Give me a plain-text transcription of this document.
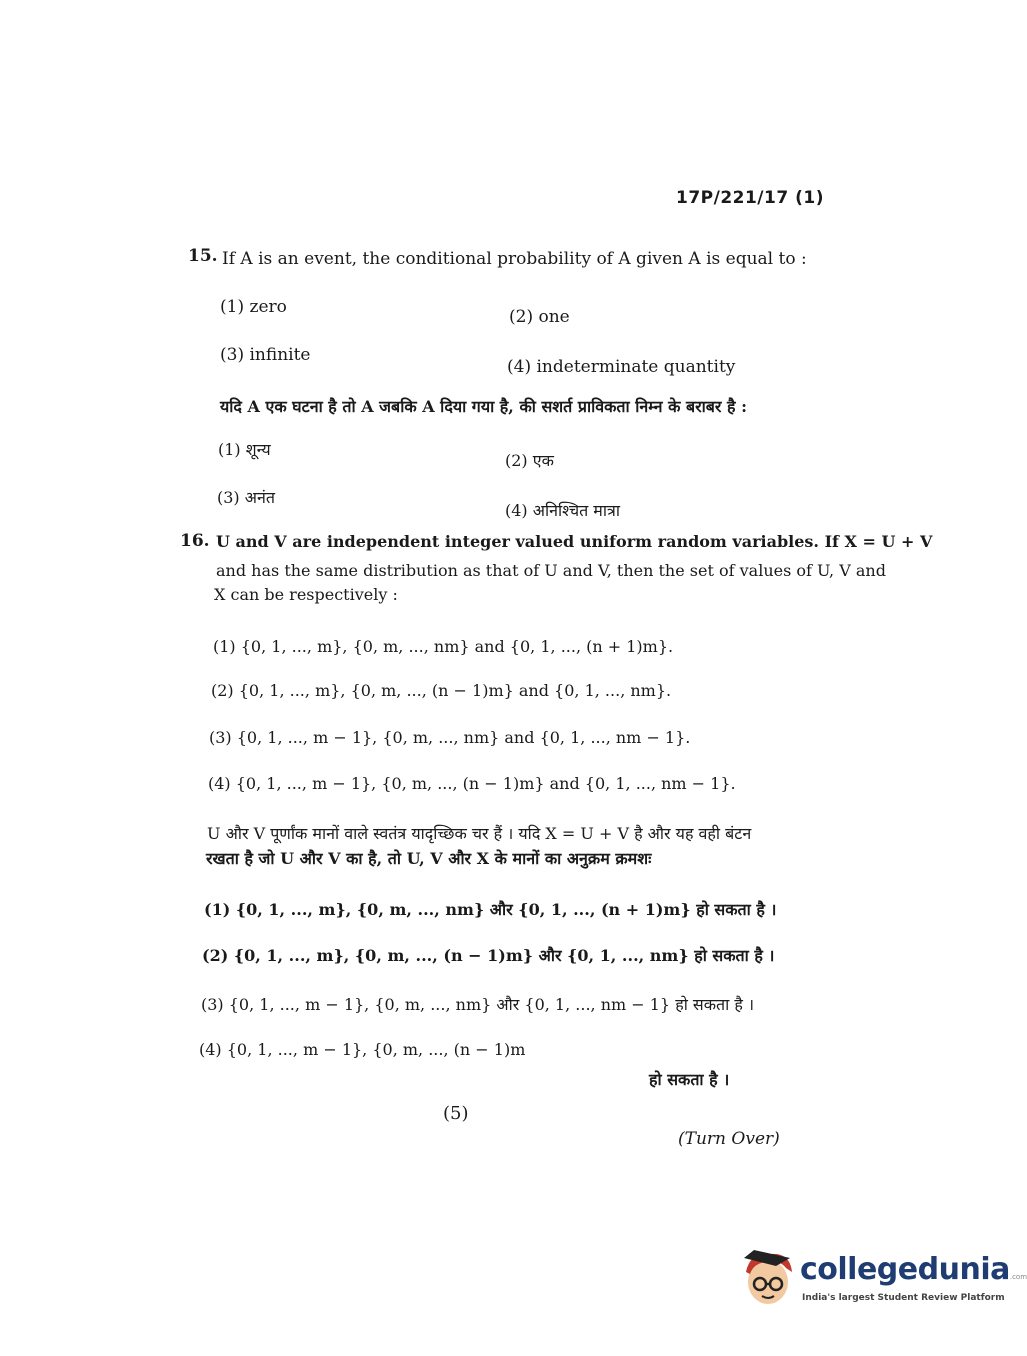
17P/221/17 (1)
15. If A is an event, the conditional probability of A given A is equal to :
(1) zero	(2) one
(3) infinite
(4) indeterminate quantity
यदि A एक घटना है तो A जबकि A दिया गया है, की सशर्त प्राविकता निम्न के बराबर है :
(1) शून्य
(2) एक
(3) अनंत
(4) अनिश्चित मात्रा
16. U and V are independent integer valued uniform random variables. If X = U + V
and has the same distribution as that of U and V, then the set of values of U, V and
X can be respectively :
(1) {0, 1, ..., m}, {0, m, ..., nm} and {0, 1, ..., (n + 1)m}.
(2) {0, 1, ..., m}, {0, m, ..., (n − 1)m} and {0, 1, ..., nm}.
(3) {0, 1, ..., m − 1}, {0, m, ..., nm} and {0, 1, ..., nm − 1}.
(4) {0, 1, ..., m − 1}, {0, m, ..., (n − 1)m} and {0, 1, ..., nm − 1}.
U और V पूर्णांक मानों वाले स्वतंत्र यादृच्छिक चर हैं । यदि X = U + V है और यह वही बंटन
रखता है जो U और V का है, तो U, V और X के मानों का अनुक्रम क्रमशः
(1) {0, 1, ..., m}, {0, m, ..., nm} और {0, 1, ..., (n + 1)m} हो सकता है ।
(2) {0, 1, ..., m}, {0, m, ..., (n − 1)m} और {0, 1, ..., nm} हो सकता है ।
(3) {0, 1, ..., m − 1}, {0, m, ..., nm} और {0, 1, ..., nm − 1} हो सकता है ।
(4) {0, 1, ..., m − 1}, {0, m, ..., (n − 1)m
हो सकता है ।
(5)
(Turn Over)
collegedunia.com
India's largest Student Review Platform
